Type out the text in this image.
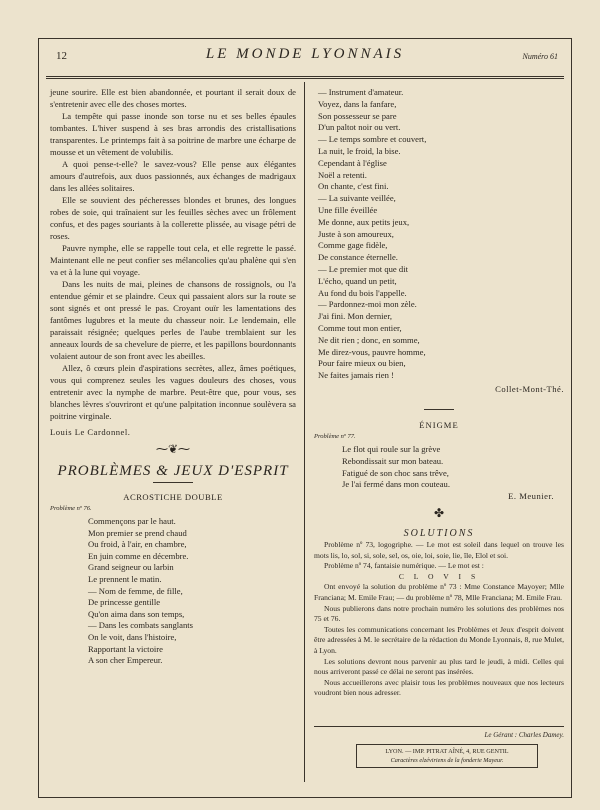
12	LE MONDE LYONNAIS	Numéro 61

jeune sourire. Elle est bien abandonnée, et pourtant il serait doux de s'entretenir avec elle des choses mortes.

La tempête qui passe inonde son torse nu et ses belles épaules tombantes. L'hiver suspend à ses bras arrondis des cristallisations transparentes. Le printemps fait à sa poitrine de marbre une écharpe de mousse et un vêtement de volubilis.

A quoi pense-t-elle? le savez-vous? Elle pense aux élégantes amours d'autrefois, aux duos passionnés, aux échanges de madrigaux dans les allées solitaires.

Elle se souvient des pécheresses blondes et brunes, des longues robes de soie, qui traînaient sur les feuilles sèches avec un frôlement confus, et des pages souriants à la collerette plissée, au visage pétri de roses.

Pauvre nymphe, elle se rappelle tout cela, et elle regrette le passé. Maintenant elle ne peut confier ses mélancolies qu'au phalène qui s'en va et à la lune qui voyage.

Dans les nuits de mai, pleines de chansons de rossignols, ou l'a entendue gémir et se plaindre. Ceux qui passaient alors sur la route se sont signés et ont pressé le pas. Croyant ouïr les lamentations des fantômes lugubres et la meute du chasseur noir. Le lendemain, elle paraissait résignée; quelques perles de l'aube tremblaient sur les anneaux lourds de sa chevelure de pierre, et les papillons bourdonnants volaient autour de son front avec les abeilles.

Allez, ô cœurs plein d'aspirations secrètes, allez, âmes poétiques, vous qui comprenez seules les vagues douleurs des choses, vous entretenir avec la nymphe de marbre. Peut-être que, pour vous, ses blanches lèvres s'ouvriront et qu'une palpitation inconnue soulèvera sa poitrine virginale.

Louis Le Cardonnel.

⁓❦⁓
PROBLÈMES & JEUX D'ESPRIT
ACROSTICHE DOUBLE
Problème nº 76.
Commençons par le haut.
Mon premier se prend chaud
Ou froid, à l'air, en chambre,
En juin comme en décembre.
Grand seigneur ou larbin
Le prennent le matin.
— Nom de femme, de fille,
De princesse gentille
Qu'on aima dans son temps,
— Dans les combats sanglants
On le voit, dans l'histoire,
Rapportant la victoire
A son cher Empereur.
— Instrument d'amateur.
Voyez, dans la fanfare,
Son possesseur se pare
D'un paltot noir ou vert.
— Le temps sombre et couvert,
La nuit, le froid, la bise.
Cependant à l'église
Noël a retenti.
On chante, c'est fini.
— La suivante veillée,
Une fille éveillée
Me donne, aux petits jeux,
Juste à son amoureux,
Comme gage fidèle,
De constance éternelle.
— Le premier mot que dit
L'écho, quand un petit,
Au fond du bois l'appelle.
— Pardonnez-moi mon zèle.
J'ai fini. Mon dernier,
Comme tout mon entier,
Ne dit rien ; donc, en somme,
Me direz-vous, pauvre homme,
Pour faire mieux ou bien,
Ne faites jamais rien !
Collet-Mont-Thé.
ÉNIGME
Problème nº 77.
Le flot qui roule sur la grève
Rebondissait sur mon bateau.
Fatigué de son choc sans trêve,
Je l'ai fermé dans mon couteau.
E. Meunier.
✤
SOLUTIONS

Problème nº 73, logogriphe. — Le mot est soleil dans lequel on trouve les mots lis, lo, sol, si, sole, sel, os, oie, loi, soie, lie, île, Elol et soi.

Problème nº 74, fantaisie numérique. — Le mot est :

C L O V I S

Ont envoyé la solution du problème nº 73 : Mme Constance Mayoyer; Mlle Franciana; M. Emile Frau; — du problème nº 78, Mlle Franciana; M. Emile Frau.

Nous publierons dans notre prochain numéro les solutions des problèmes nos 75 et 76.

Toutes les communications concernant les Problèmes et Jeux d'esprit doivent être adressées à M. le secrétaire de la rédaction du Monde Lyonnais, 8, rue Mulet, à Lyon.

Les solutions devront nous parvenir au plus tard le jeudi, à midi. Celles qui nous arriveront passé ce délai ne seront pas insérées.

Nous accueillerons avec plaisir tous les problèmes nouveaux que nos lecteurs voudront bien nous adresser.

Le Gérant : Charles Damey.
LYON. — IMP. PITRAT AÎNÉ, 4, RUE GENTIL
Caractères elzéviriens de la fonderie Mayeur.
